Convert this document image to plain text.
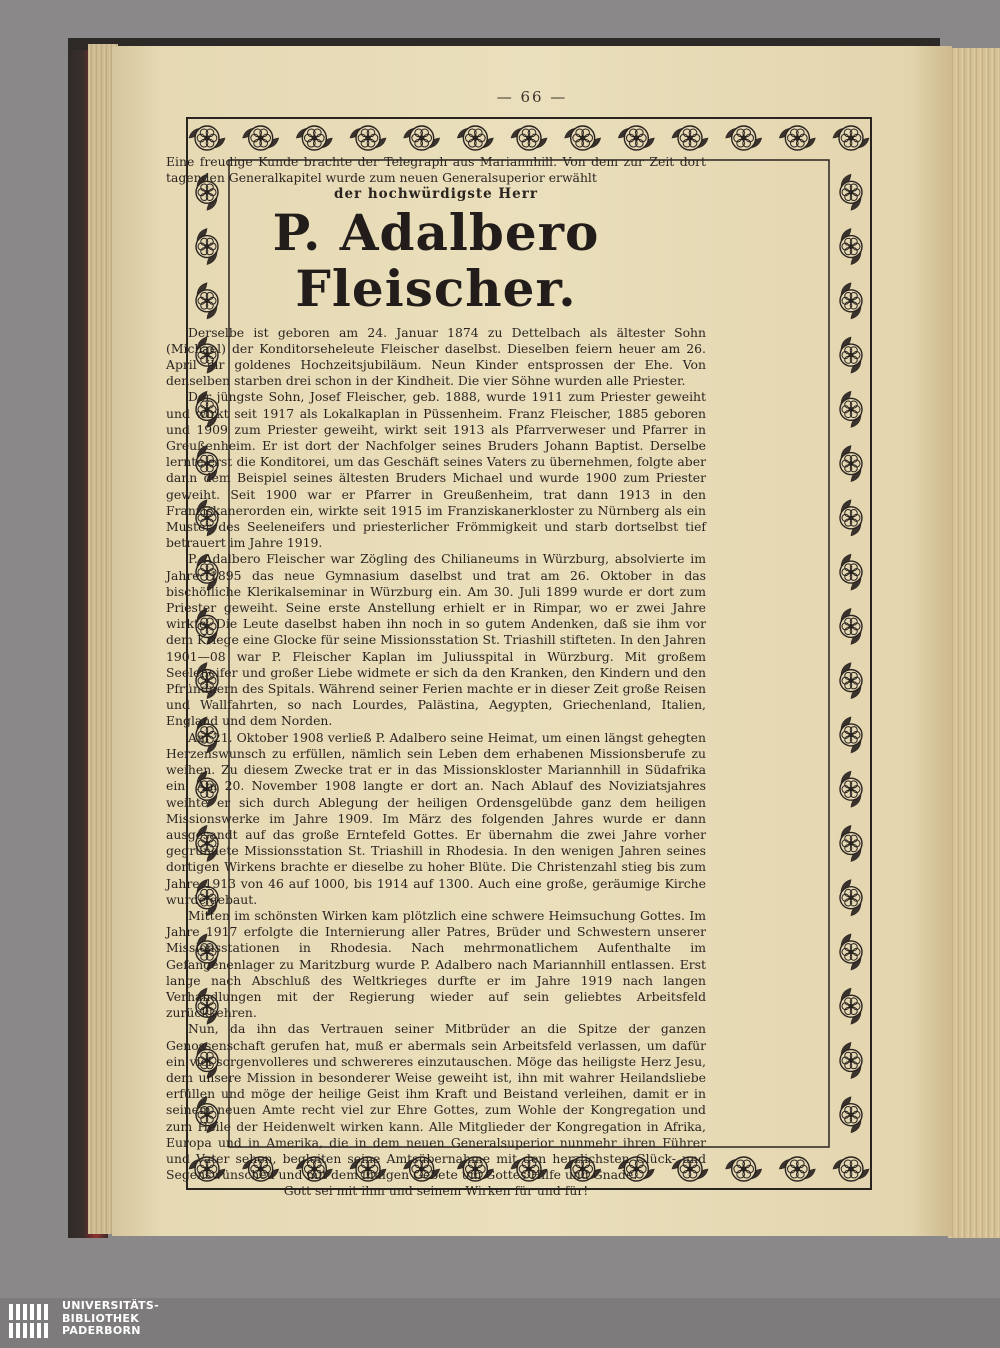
— 66 —

Eine freudige Kunde brachte der Telegraph aus Mariannhill. Von dem zur Zeit dort tagenden Generalkapitel wurde zum neuen Generalsuperior erwählt

der hochwürdigste Herr
P. Adalbero Fleischer.

Derselbe ist geboren am 24. Januar 1874 zu Dettelbach als ältester Sohn (Michael) der Konditorseheleute Fleischer daselbst. Dieselben feiern heuer am 26. April ihr goldenes Hochzeitsjubiläum. Neun Kinder entsprossen der Ehe. Von denselben starben drei schon in der Kindheit. Die vier Söhne wurden alle Priester.

Der jüngste Sohn, Josef Fleischer, geb. 1888, wurde 1911 zum Priester geweiht und wirkt seit 1917 als Lokalkaplan in Püssenheim. Franz Fleischer, 1885 geboren und 1909 zum Priester geweiht, wirkt seit 1913 als Pfarrverweser und Pfarrer in Greußenheim. Er ist dort der Nachfolger seines Bruders Johann Baptist. Derselbe lernte erst die Konditorei, um das Geschäft seines Vaters zu übernehmen, folgte aber dann dem Beispiel seines ältesten Bruders Michael und wurde 1900 zum Priester geweiht. Seit 1900 war er Pfarrer in Greußenheim, trat dann 1913 in den Franziskanerorden ein, wirkte seit 1915 im Franziskanerkloster zu Nürnberg als ein Muster des Seeleneifers und priesterlicher Frömmigkeit und starb dortselbst tief betrauert im Jahre 1919.

P. Adalbero Fleischer war Zögling des Chilianeums in Würzburg, absolvierte im Jahre 1895 das neue Gymnasium daselbst und trat am 26. Oktober in das bischöfliche Klerikalseminar in Würzburg ein. Am 30. Juli 1899 wurde er dort zum Priester geweiht. Seine erste Anstellung erhielt er in Rimpar, wo er zwei Jahre wirkte. Die Leute daselbst haben ihn noch in so gutem Andenken, daß sie ihm vor dem Kriege eine Glocke für seine Missionsstation St. Triashill stifteten. In den Jahren 1901—08 war P. Fleischer Kaplan im Juliusspital in Würzburg. Mit großem Seeleneifer und großer Liebe widmete er sich da den Kranken, den Kindern und den Pfründnern des Spitals. Während seiner Ferien machte er in dieser Zeit große Reisen und Wallfahrten, so nach Lourdes, Palästina, Aegypten, Griechenland, Italien, England und dem Norden.

Am 21. Oktober 1908 verließ P. Adalbero seine Heimat, um einen längst gehegten Herzenswunsch zu erfüllen, nämlich sein Leben dem erhabenen Missionsberufe zu weihen. Zu diesem Zwecke trat er in das Missionskloster Mariannhill in Südafrika ein. Am 20. November 1908 langte er dort an. Nach Ablauf des Noviziatsjahres weihte er sich durch Ablegung der heiligen Ordensgelübde ganz dem heiligen Missionswerke im Jahre 1909. Im März des folgenden Jahres wurde er dann ausgesandt auf das große Erntefeld Gottes. Er übernahm die zwei Jahre vorher gegründete Missionsstation St. Triashill in Rhodesia. In den wenigen Jahren seines dortigen Wirkens brachte er dieselbe zu hoher Blüte. Die Christenzahl stieg bis zum Jahre 1913 von 46 auf 1000, bis 1914 auf 1300. Auch eine große, geräumige Kirche wurde gebaut.

Mitten im schönsten Wirken kam plötzlich eine schwere Heimsuchung Gottes. Im Jahre 1917 erfolgte die Internierung aller Patres, Brüder und Schwestern unserer Missionsstationen in Rhodesia. Nach mehrmonatlichem Aufenthalte im Gefangenenlager zu Maritzburg wurde P. Adalbero nach Mariannhill entlassen. Erst lange nach Abschluß des Weltkrieges durfte er im Jahre 1919 nach langen Verhandlungen mit der Regierung wieder auf sein geliebtes Arbeitsfeld zurückkehren.

Nun, da ihn das Vertrauen seiner Mitbrüder an die Spitze der ganzen Genossenschaft gerufen hat, muß er abermals sein Arbeitsfeld verlassen, um dafür ein viel sorgenvolleres und schwereres einzutauschen. Möge das heiligste Herz Jesu, dem unsere Mission in besonderer Weise geweiht ist, ihn mit wahrer Heilandsliebe erfüllen und möge der heilige Geist ihm Kraft und Beistand verleihen, damit er in seinem neuen Amte recht viel zur Ehre Gottes, zum Wohle der Kongregation und zum Heile der Heidenwelt wirken kann. Alle Mitglieder der Kongregation in Afrika, Europa und in Amerika, die in dem neuen Generalsuperior nunmehr ihren Führer und Vater sehen, begleiten seine Amtsübernahme mit den herzlichsten Glück- und Segenswünschen und mit dem innigen Gebete um Gottes Hilfe und Gnade.

Gott sei mit ihm und seinem Wirken für und für!

UNIVERSITÄTS-
BIBLIOTHEK
PADERBORN
